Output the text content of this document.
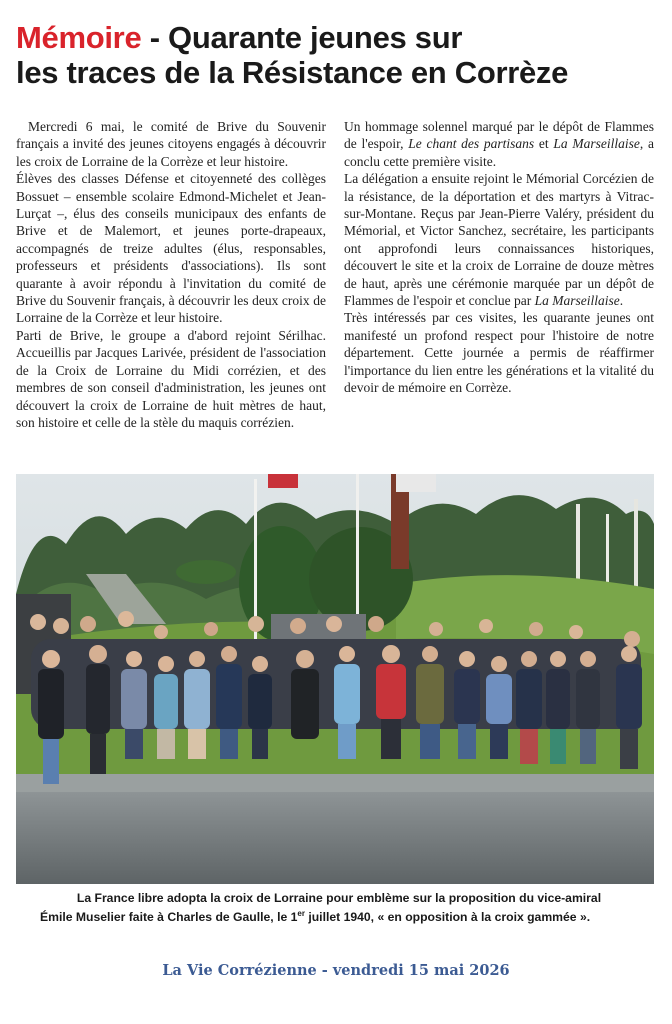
Mémoire - Quarante jeunes sur
les traces de la Résistance en Corrèze

Mercredi 6 mai, le comité de Brive du Souvenir français a invité des jeunes citoyens engagés à découvrir les croix de Lorraine de la Corrèze et leur histoire.

Élèves des classes Défense et citoyenneté des collèges Bossuet – ensemble scolaire Edmond-Michelet et Jean-Lurçat –, élus des conseils municipaux des enfants de Brive et de Malemort, et jeunes porte-drapeaux, accompagnés de treize adultes (élus, responsables, professeurs et présidents d'associations). Ils sont quarante à avoir répondu à l'invitation du comité de Brive du Souvenir français, à découvrir les deux croix de Lorraine de la Corrèze et leur histoire.

Parti de Brive, le groupe a d'abord rejoint Sérilhac. Accueillis par Jacques Larivée, président de l'association de la Croix de Lorraine du Midi corrézien, et des membres de son conseil d'administration, les jeunes ont découvert la croix de Lorraine de huit mètres de haut, son histoire et celle de la stèle du maquis corrézien.

Un hommage solennel marqué par le dépôt de Flammes de l'espoir, Le chant des partisans et La Marseillaise, a conclu cette première visite.

La délégation a ensuite rejoint le Mémorial Corcézien de la résistance, de la déportation et des martyrs à Vitrac-sur-Montane. Reçus par Jean-Pierre Valéry, président du Mémorial, et Victor Sanchez, secrétaire, les participants ont approfondi leurs connaissances historiques, découvert le site et la croix de Lorraine de douze mètres de haut, après une cérémonie marquée par un dépôt de Flammes de l'espoir et conclue par La Marseillaise.

Très intéressés par ces visites, les quarante jeunes ont manifesté un profond respect pour l'histoire de notre département. Cette journée a permis de réaffirmer l'importance du lien entre les générations et la vitalité du devoir de mémoire en Corrèze.

La France libre adopta la croix de Lorraine pour emblème sur la proposition du vice-amiral
Émile Muselier faite à Charles de Gaulle, le 1er juillet 1940, « en opposition à la croix gammée ».
La Vie Corrézienne - vendredi 15 mai 2026
